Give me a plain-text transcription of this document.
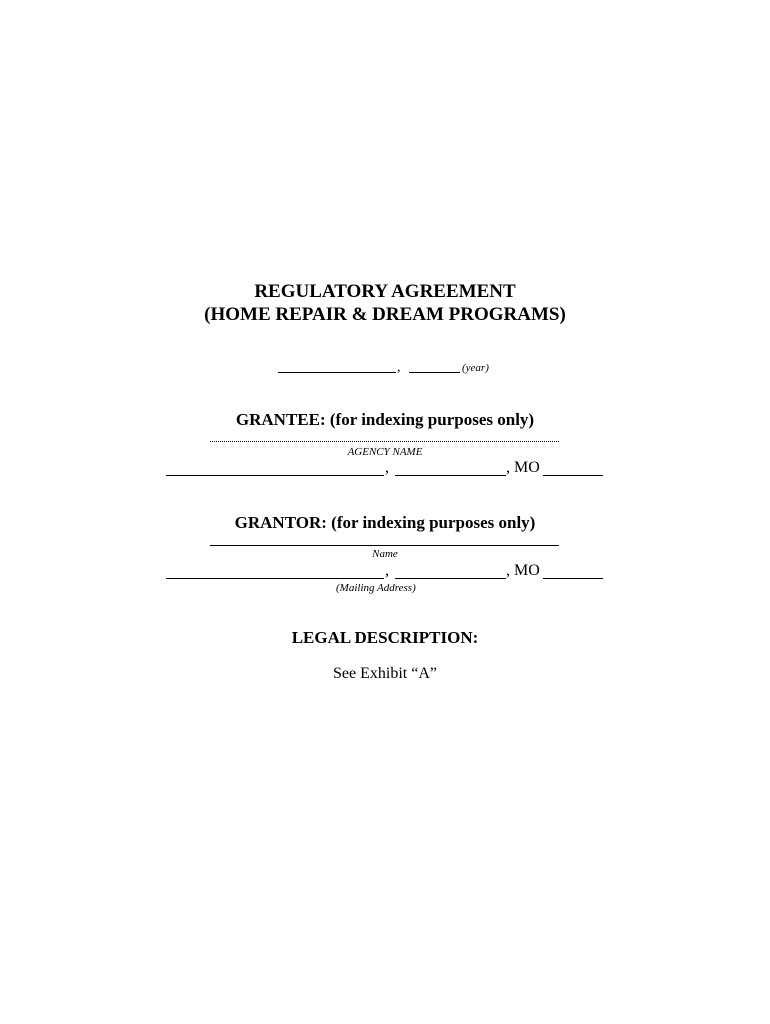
REGULATORY AGREEMENT
(HOME REPAIR & DREAM PROGRAMS)
,	(year)
GRANTEE: (for indexing purposes only)
AGENCY NAME
,	, MO
GRANTOR: (for indexing purposes only)
Name
,	, MO
(Mailing Address)
LEGAL DESCRIPTION:
See Exhibit “A”
